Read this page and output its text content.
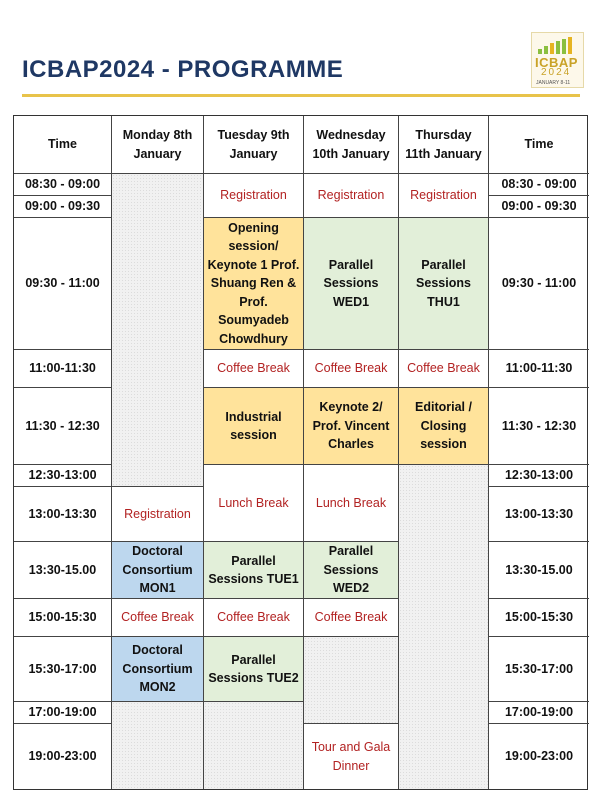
ICBAP2024 - PROGRAMME	ICBAP
2024
JANUARY 8-11
Time
Monday 8th January
Tuesday 9th January
Wednesday 10th January
Thursday 11th January
Time
08:30 - 09:00
09:00 - 09:30
09:30 - 11:00
11:00-11:30
11:30 - 12:30
12:30-13:00
13:00-13:30
13:30-15.00
15:00-15:30
15:30-17:00
17:00-19:00
19:00-23:00
08:30 - 09:00
09:00 - 09:30
09:30 - 11:00
11:00-11:30
11:30 - 12:30
12:30-13:00
13:00-13:30
13:30-15.00
15:00-15:30
15:30-17:00
17:00-19:00
19:00-23:00
Registration
Doctoral Consortium MON1
Coffee Break
Doctoral Consortium MON2
Registration
Opening session/ Keynote 1 Prof. Shuang Ren & Prof. Soumyadeb Chowdhury
Coffee Break
Industrial session
Lunch Break
Parallel Sessions TUE1
Coffee Break
Parallel Sessions TUE2
Registration
Parallel Sessions WED1
Coffee Break
Keynote 2/ Prof. Vincent Charles
Lunch Break
Parallel Sessions WED2
Coffee Break
Tour and Gala Dinner
Registration
Parallel Sessions THU1
Coffee Break
Editorial / Closing session
